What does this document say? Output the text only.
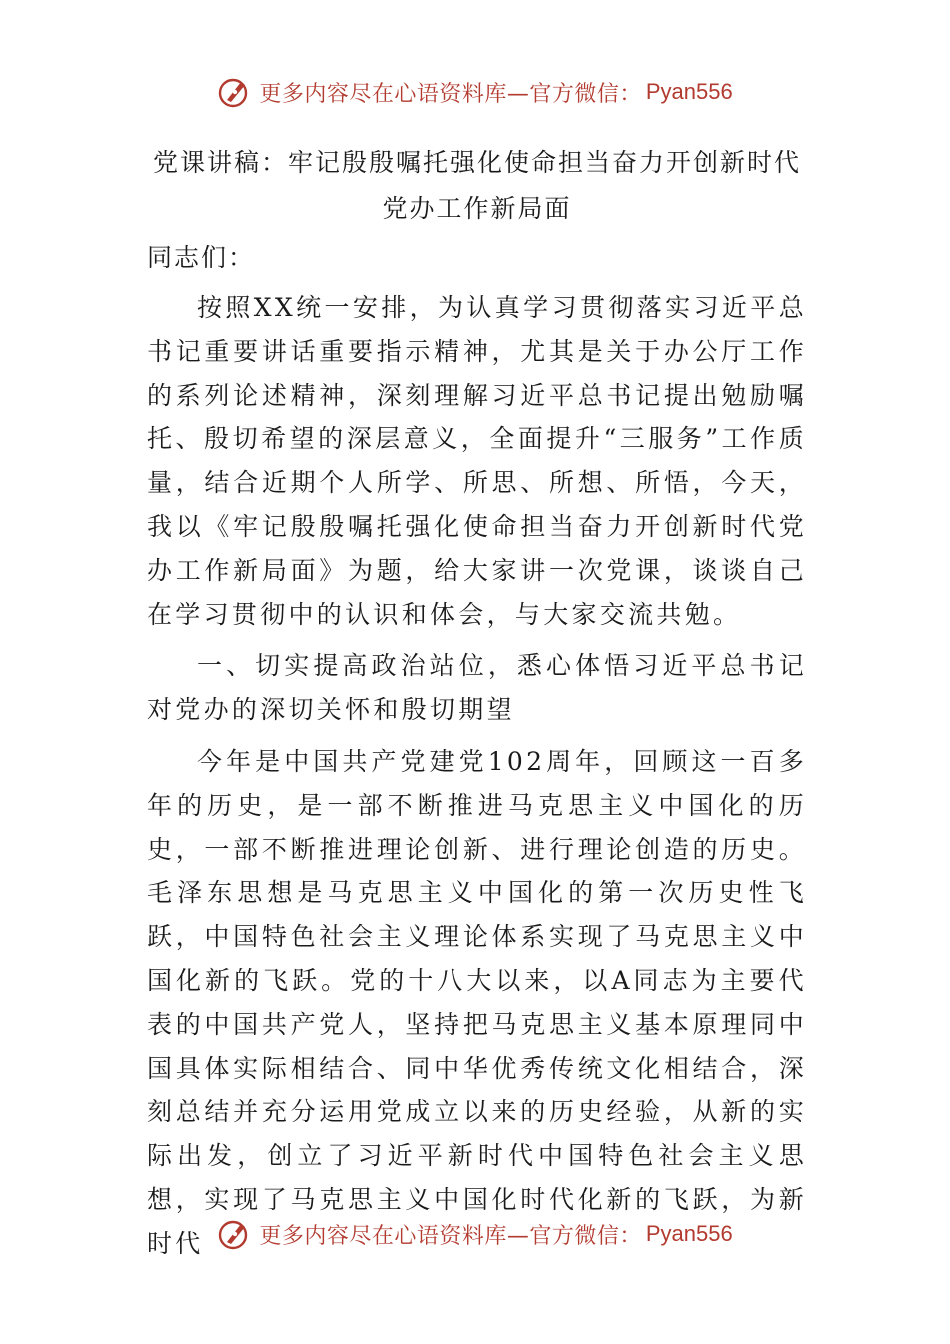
更多内容尽在心语资料库—官方微信： Pyan556
党课讲稿：牢记殷殷嘱托强化使命担当奋力开创新时代党办工作新局面

同志们：

按照XX统一安排，为认真学习贯彻落实习近平总书记重要讲话重要指示精神，尤其是关于办公厅工作的系列论述精神，深刻理解习近平总书记提出勉励嘱托、殷切希望的深层意义，全面提升“三服务”工作质量，结合近期个人所学、所思、所想、所悟，今天，我以《牢记殷殷嘱托强化使命担当奋力开创新时代党办工作新局面》为题，给大家讲一次党课，谈谈自己在学习贯彻中的认识和体会，与大家交流共勉。

一、切实提高政治站位，悉心体悟习近平总书记对党办的深切关怀和殷切期望

今年是中国共产党建党102周年，回顾这一百多年的历史，是一部不断推进马克思主义中国化的历史，一部不断推进理论创新、进行理论创造的历史。毛泽东思想是马克思主义中国化的第一次历史性飞跃，中国特色社会主义理论体系实现了马克思主义中国化新的飞跃。党的十八大以来，以A同志为主要代表的中国共产党人，坚持把马克思主义基本原理同中国具体实际相结合、同中华优秀传统文化相结合，深刻总结并充分运用党成立以来的历史经验，从新的实际出发，创立了习近平新时代中国特色社会主义思想，实现了马克思主义中国化时代化新的飞跃，为新时代	更多内容尽在心语资料库—官方微信： Pyan556
